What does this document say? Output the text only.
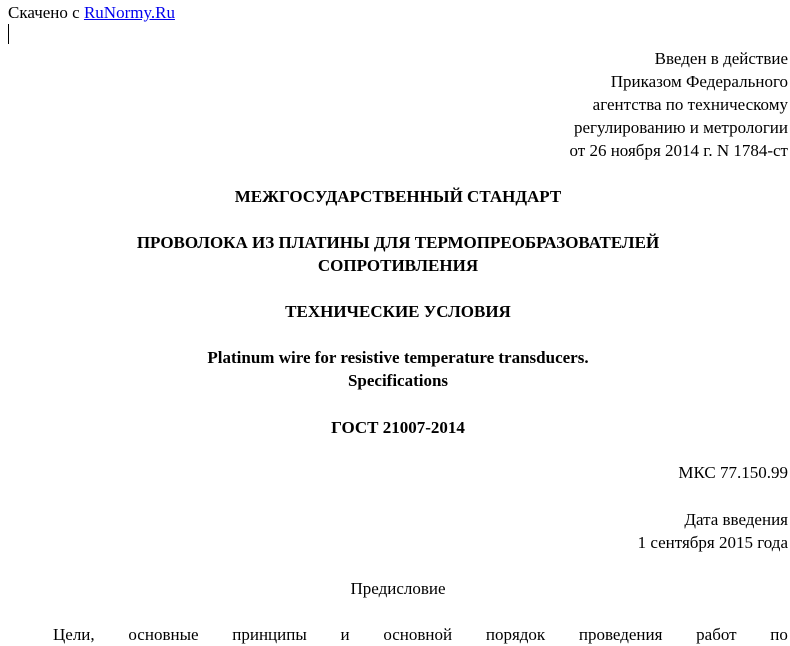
Скачено с RuNormy.Ru
Введен в действие
Приказом Федерального
агентства по техническому
регулированию и метрологии
от 26 ноября 2014 г. N 1784-ст
МЕЖГОСУДАРСТВЕННЫЙ СТАНДАРТ
ПРОВОЛОКА ИЗ ПЛАТИНЫ ДЛЯ ТЕРМОПРЕОБРАЗОВАТЕЛЕЙ
СОПРОТИВЛЕНИЯ
ТЕХНИЧЕСКИЕ УСЛОВИЯ
Platinum wire for resistive temperature transducers.
Specifications
ГОСТ 21007-2014
МКС 77.150.99
Дата введения
1 сентября 2015 года
Предисловие
Цели, основные принципы и основной порядок проведения работ по
